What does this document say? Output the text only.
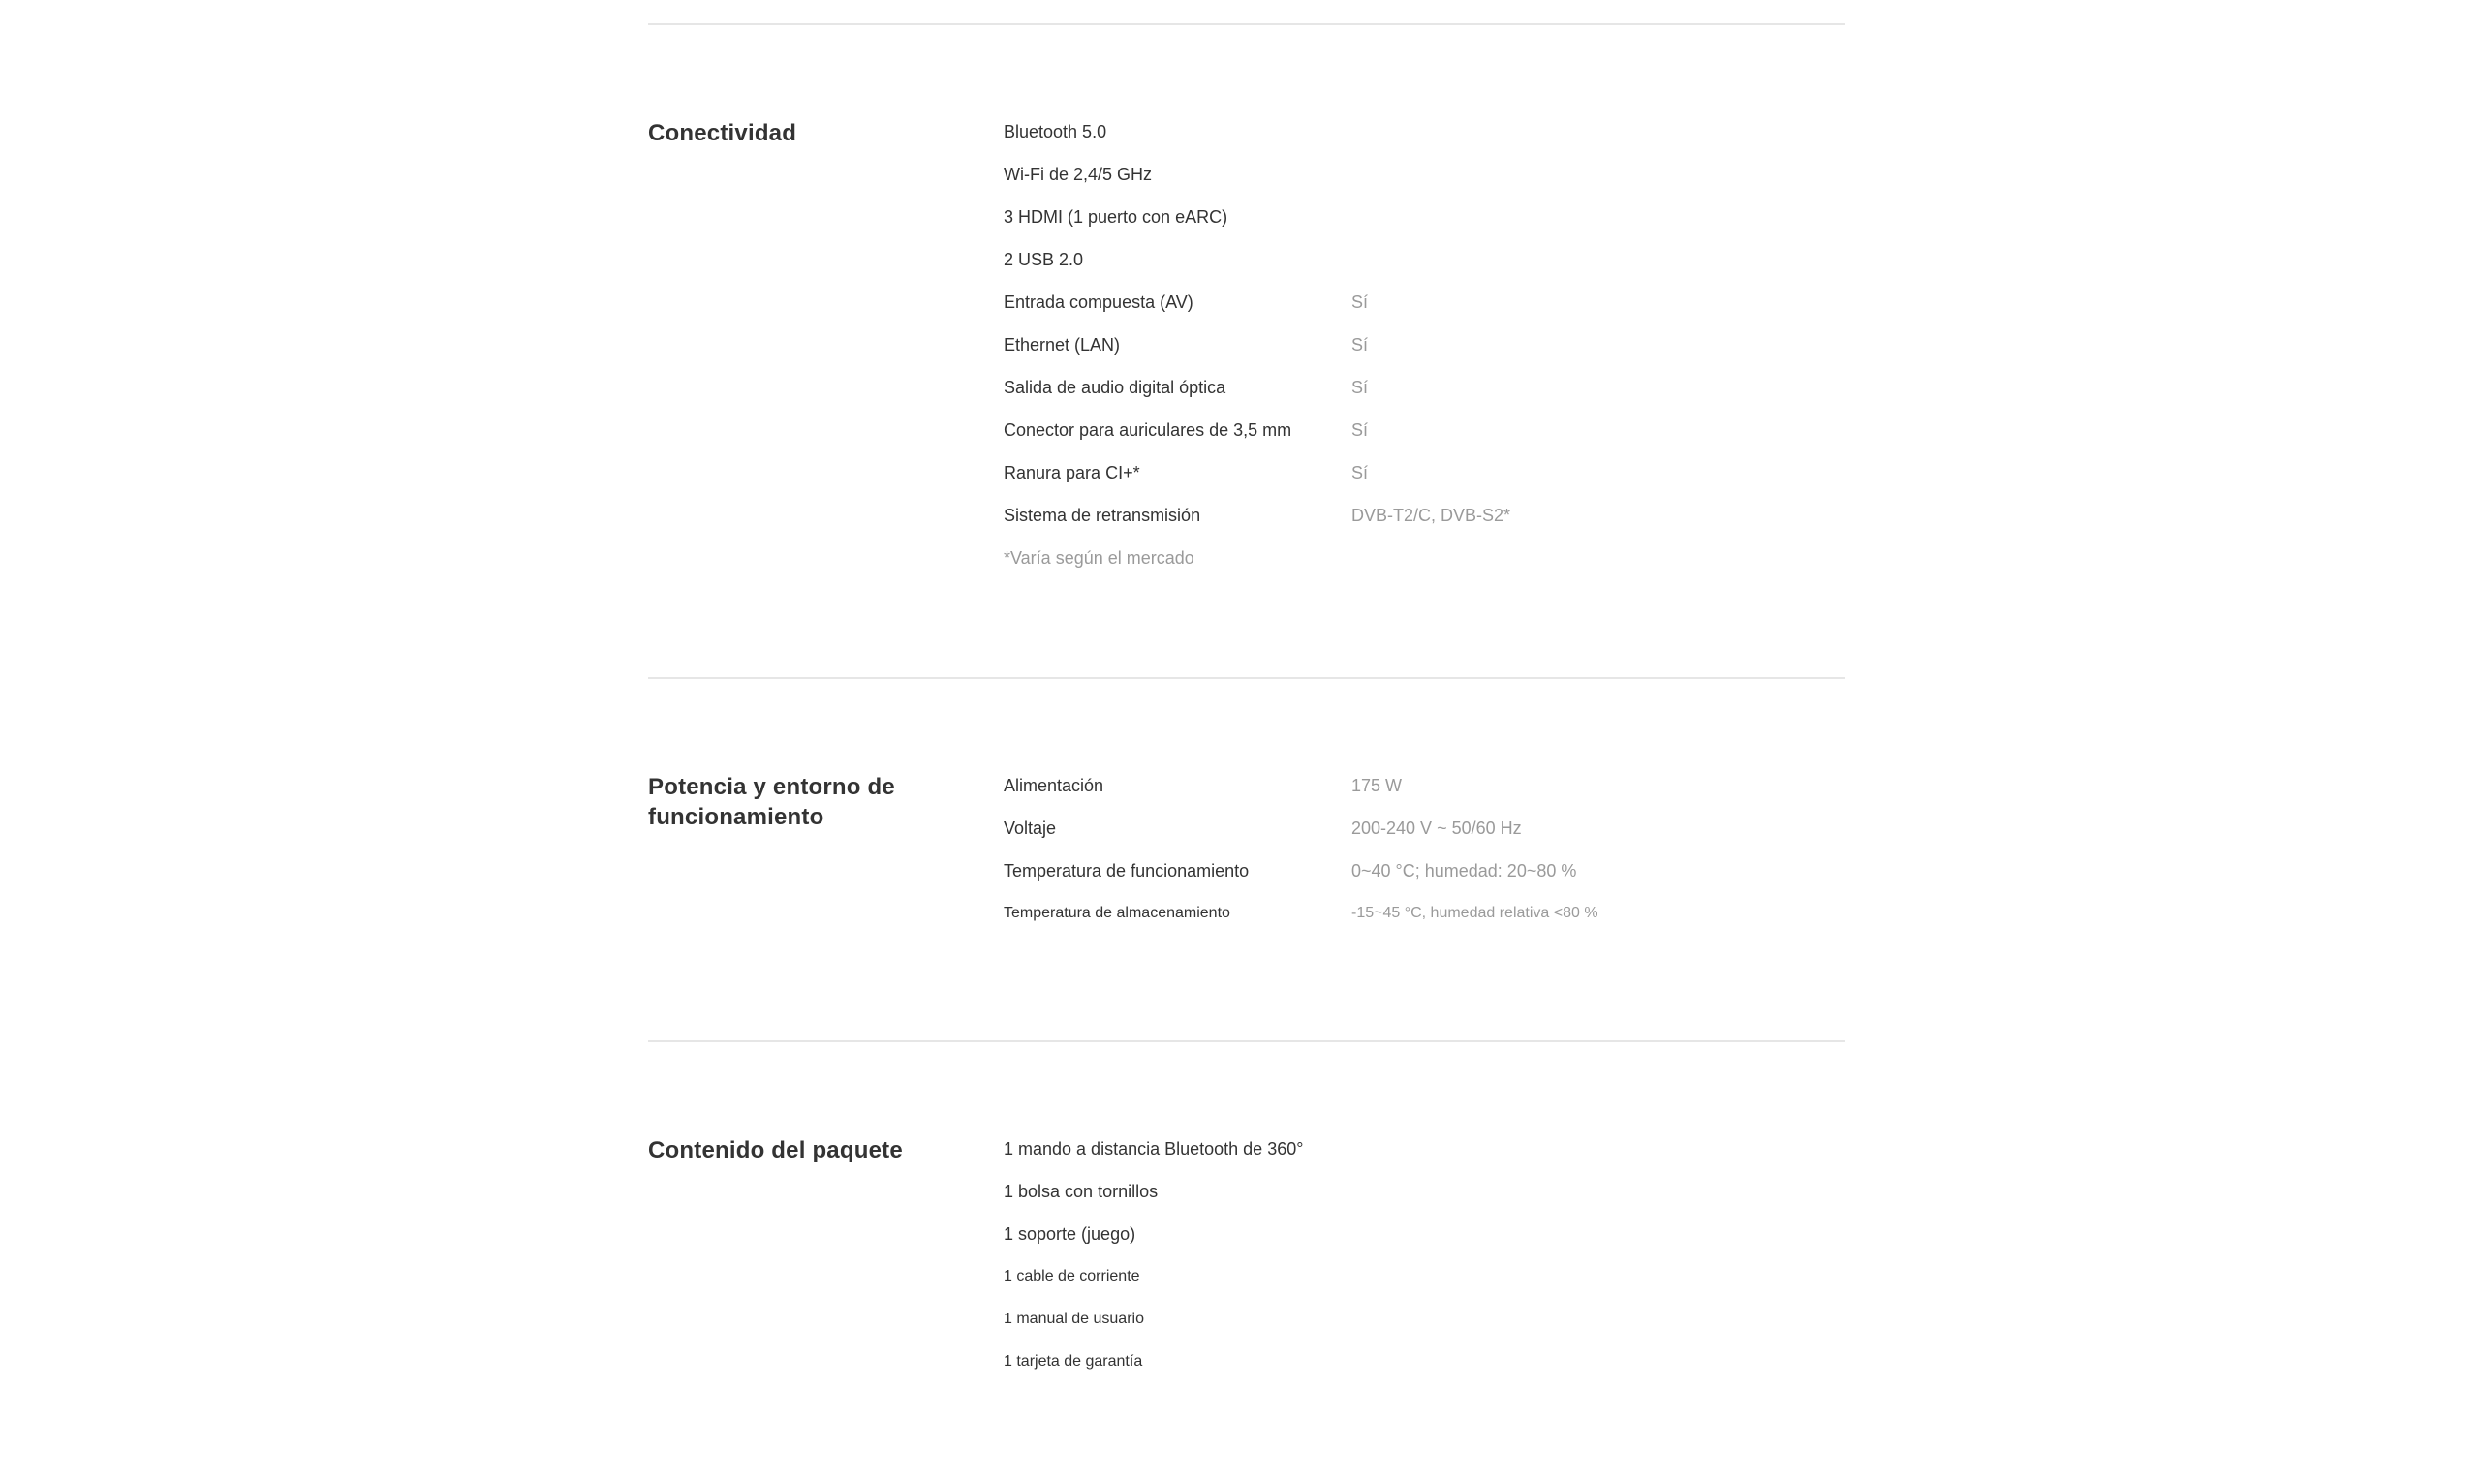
Conectividad	Bluetooth 5.0
Wi-Fi de 2,4/5 GHz
3 HDMI (1 puerto con eARC)
2 USB 2.0
Entrada compuesta (AV)	Sí
Ethernet (LAN)	Sí
Salida de audio digital óptica	Sí
Conector para auriculares de 3,5 mm	Sí
Ranura para CI+*	Sí
Sistema de retransmisión	DVB-T2/C, DVB-S2*
*Varía según el mercado
Potencia y entorno de funcionamiento
Alimentación	175 W
Voltaje	200-240 V ~ 50/60 Hz
Temperatura de funcionamiento	0~40 °C; humedad: 20~80 %
Temperatura de almacenamiento	-15~45 °C, humedad relativa <80 %
Contenido del paquete	1 mando a distancia Bluetooth de 360°
1 bolsa con tornillos
1 soporte (juego)
1 cable de corriente
1 manual de usuario
1 tarjeta de garantía
